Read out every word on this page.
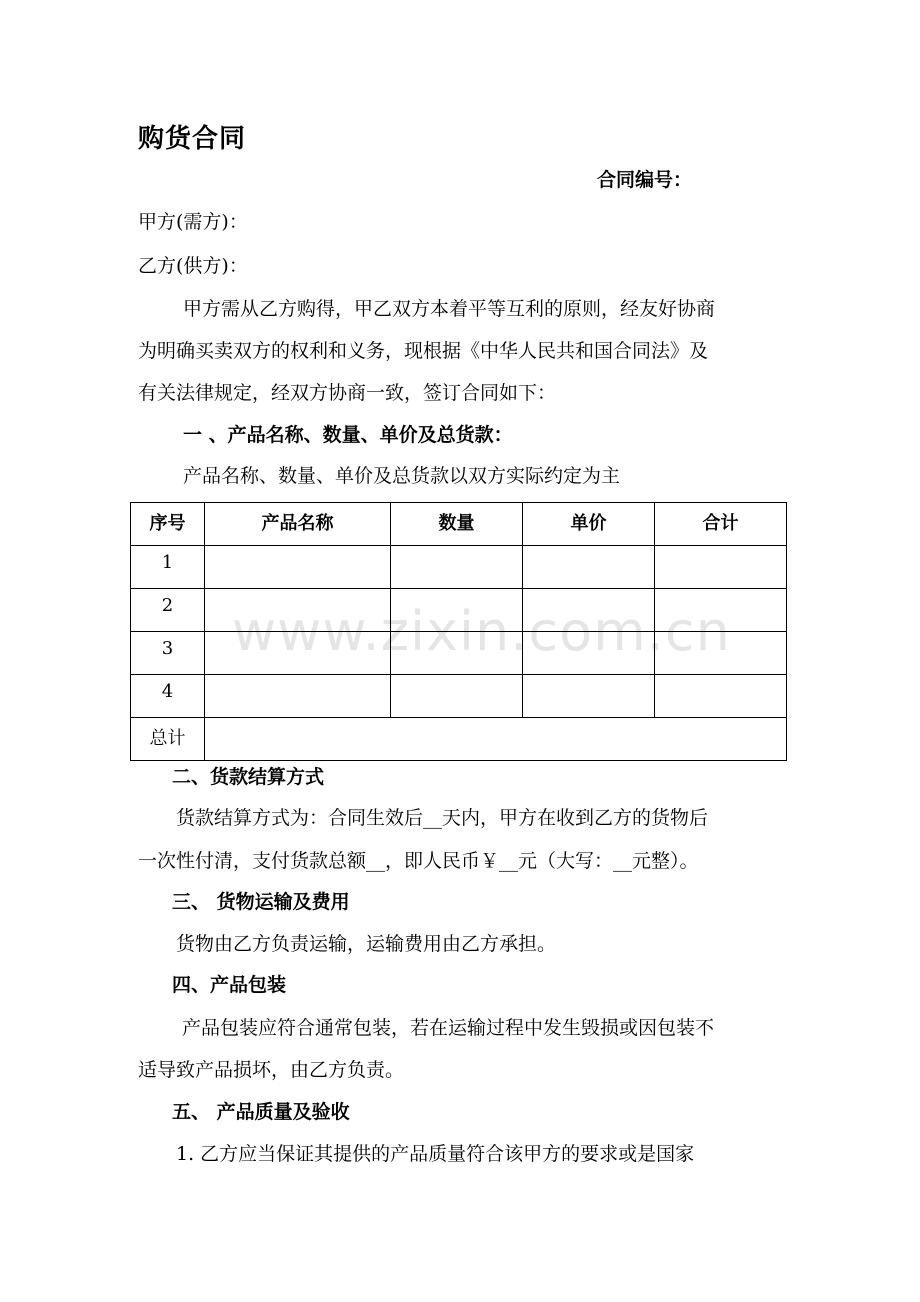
购货合同
合同编号：
甲方(需方)：
乙方(供方)：
甲方需从乙方购得，甲乙双方本着平等互利的原则，经友好协商
为明确买卖双方的权利和义务，现根据《中华人民共和国合同法》及
有关法律规定，经双方协商一致，签订合同如下：
一 、产品名称、数量、单价及总货款：
产品名称、数量、单价及总货款以双方实际约定为主
序号	产品名称	数量	单价	合计
1				
2				
3				
4				
总计				
www.zixin.com.cn
二、货款结算方式
货款结算方式为：合同生效后__天内，甲方在收到乙方的货物后
一次性付清，支付货款总额__，即人民币￥__元（大写：__元整）。
三、 货物运输及费用
货物由乙方负责运输，运输费用由乙方承担。
四、产品包装
产品包装应符合通常包装，若在运输过程中发生毁损或因包装不
适导致产品损坏，由乙方负责。
五、 产品质量及验收
1. 乙方应当保证其提供的产品质量符合该甲方的要求或是国家
